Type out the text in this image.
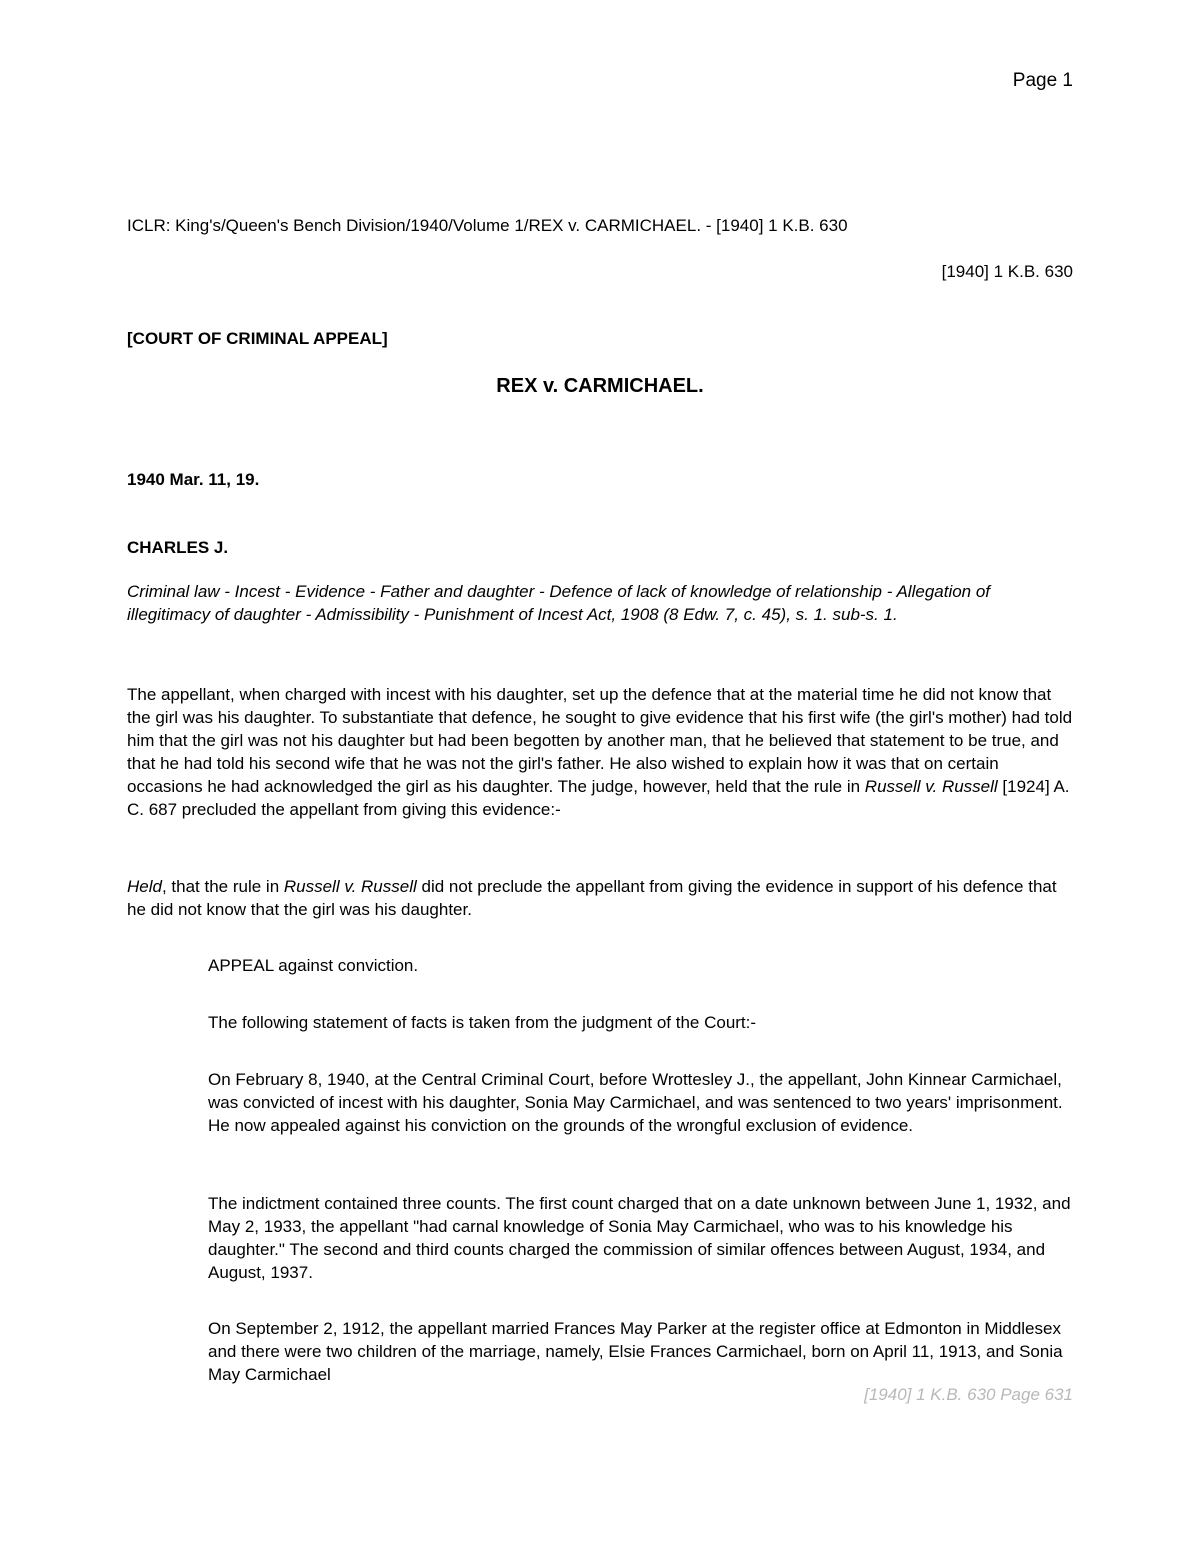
Page 1
ICLR: King's/Queen's Bench Division/1940/Volume 1/REX v. CARMICHAEL. - [1940] 1 K.B. 630
[1940] 1 K.B. 630
[COURT OF CRIMINAL APPEAL]
REX v. CARMICHAEL.
1940 Mar. 11, 19.
CHARLES J.

Criminal law - Incest - Evidence - Father and daughter - Defence of lack of knowledge of relationship - Allegation of illegitimacy of daughter - Admissibility - Punishment of Incest Act, 1908 (8 Edw. 7, c. 45), s. 1. sub-s. 1.

The appellant, when charged with incest with his daughter, set up the defence that at the material time he did not know that the girl was his daughter. To substantiate that defence, he sought to give evidence that his first wife (the girl's mother) had told him that the girl was not his daughter but had been begotten by another man, that he believed that statement to be true, and that he had told his second wife that he was not the girl's father. He also wished to explain how it was that on certain occasions he had acknowledged the girl as his daughter. The judge, however, held that the rule in Russell v. Russell [1924] A. C. 687 precluded the appellant from giving this evidence:-

Held, that the rule in Russell v. Russell did not preclude the appellant from giving the evidence in support of his defence that he did not know that the girl was his daughter.

APPEAL against conviction.

The following statement of facts is taken from the judgment of the Court:-

On February 8, 1940, at the Central Criminal Court, before Wrottesley J., the appellant, John Kinnear Carmichael, was convicted of incest with his daughter, Sonia May Carmichael, and was sentenced to two years' imprisonment. He now appealed against his conviction on the grounds of the wrongful exclusion of evidence.

The indictment contained three counts. The first count charged that on a date unknown between June 1, 1932, and May 2, 1933, the appellant "had carnal knowledge of Sonia May Carmichael, who was to his knowledge his daughter." The second and third counts charged the commission of similar offences between August, 1934, and August, 1937.

On September 2, 1912, the appellant married Frances May Parker at the register office at Edmonton in Middlesex and there were two children of the marriage, namely, Elsie Frances Carmichael, born on April 11, 1913, and Sonia May Carmichael

[1940] 1 K.B. 630 Page 631
